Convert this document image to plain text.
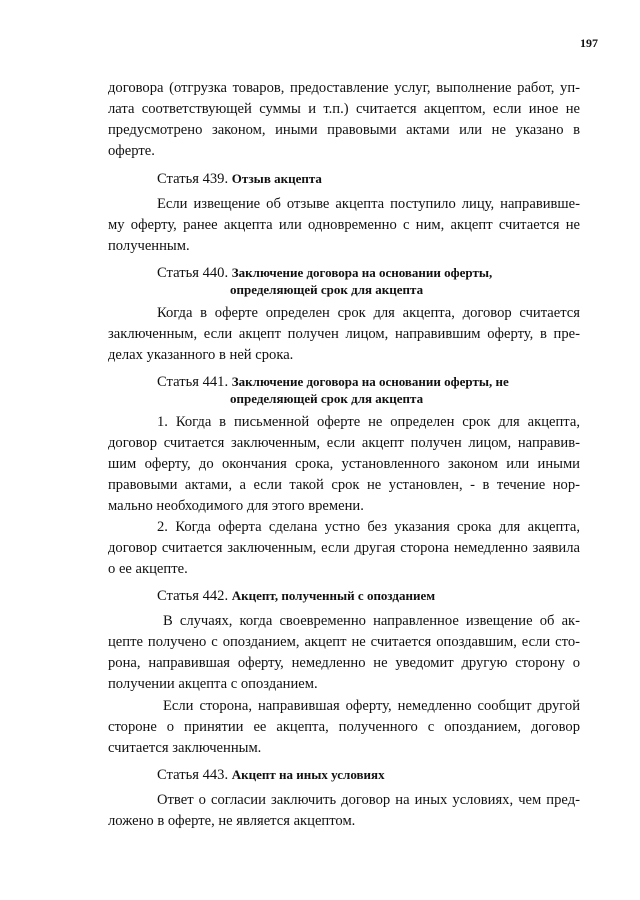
197
договора (отгрузка товаров, предоставление услуг, выполнение работ, уп-
лата соответствующей суммы и т.п.) считается акцептом, если иное не
предусмотрено законом, иными правовыми актами или не указано в
оферте.
Статья 439. Отзыв акцепта
Если извещение об отзыве акцепта поступило лицу, направивше-
му оферту, ранее акцепта или одновременно с ним, акцепт считается не
полученным.
Статья 440. Заключение договора на основании оферты,
определяющей срок для акцепта
Когда в оферте определен срок для акцепта, договор считается
заключенным, если акцепт получен лицом, направившим оферту, в пре-
делах указанного в ней срока.
Статья 441. Заключение договора на основании оферты, не
определяющей срок для акцепта
1. Когда в письменной оферте не определен срок для акцепта,
договор считается заключенным, если акцепт получен лицом, направив-
шим оферту, до окончания срока, установленного законом или иными
правовыми актами, а если такой срок не установлен, - в течение нор-
мально необходимого для этого времени.
2. Когда оферта сделана устно без указания срока для акцепта,
договор считается заключенным, если другая сторона немедленно заявила
о ее акцепте.
Статья 442. Акцепт, полученный с опозданием
В случаях, когда своевременно направленное извещение об ак-
цепте получено с опозданием, акцепт не считается опоздавшим, если сто-
рона, направившая оферту, немедленно не уведомит другую сторону о
получении акцепта с опозданием.
Если сторона, направившая оферту, немедленно сообщит другой
стороне о принятии ее акцепта, полученного с опозданием, договор
считается заключенным.
Статья 443. Акцепт на иных условиях
Ответ о согласии заключить договор на иных условиях, чем пред-
ложено в оферте, не является акцептом.
